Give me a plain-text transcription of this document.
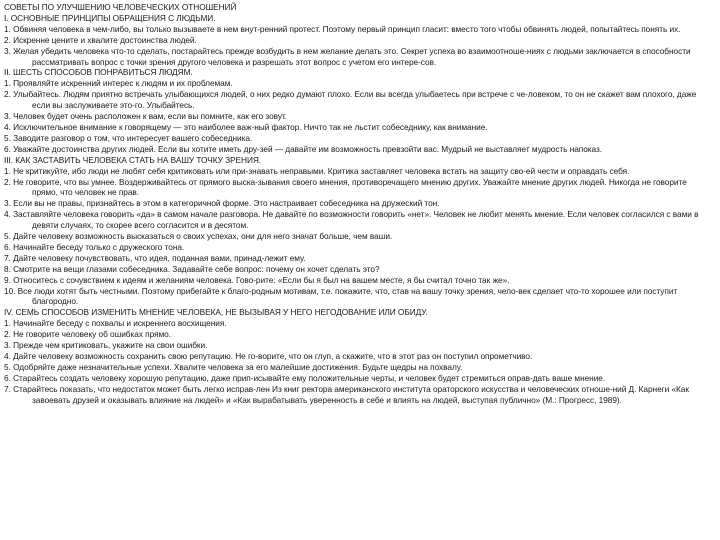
СОВЕТЫ ПО УЛУЧШЕНИЮ ЧЕЛОВЕЧЕСКИХ ОТНОШЕНИЙ

I. ОСНОВНЫЕ ПРИНЦИПЫ ОБРАЩЕНИЯ С ЛЮДЬМИ.

1. Обвиняя человека в чем-либо, вы только вызываете в нем внут-ренний протест. Поэтому первый принцип гласит: вместо того чтобы обвинять людей, попытайтесь понять их.

2. Искренне цените и хвалите достоинства людей.

3. Желая убедить человека что-то сделать, постарайтесь прежде возбудить в нем желание делать это. Секрет успеха во взаимоотноше-ниях с людьми заключается в способности рассматривать вопрос с точки зрения другого человека и разрешать этот вопрос с учетом его интере-сов.

II. ШЕСТЬ СПОСОБОВ ПОНРАВИТЬСЯ ЛЮДЯМ.

1. Проявляйте искренний интерес к людям и их проблемам.

2. Улыбайтесь. Людям приятно встречать улыбающихся людей, о них редко думают плохо. Если вы всегда улыбаетесь при встрече с че-ловеком, то он не скажет вам плохого, даже если вы заслуживаете это-го. Улыбайтесь.

3. Человек будет очень расположен к вам, если вы помните, как его зовут.

4. Исключительное внимание к говорящему — это наиболее важ-ный фактор. Ничто так не льстит собеседнику, как внимание.

5. Заводите разговор о том, что интересует вашего собеседника.

6. Уважайте достоинства других людей. Если вы хотите иметь дру-зей — давайте им возможность превзойти вас. Мудрый не выставляет мудрость напоказ.

III. КАК ЗАСТАВИТЬ ЧЕЛОВЕКА СТАТЬ НА ВАШУ ТОЧКУ ЗРЕНИЯ.

1. Не критикуйте, ибо люди не любят себя критиковать или при-знавать неправыми. Критика заставляет человека встать на защиту сво-ей чести и оправдать себя.

2. Не говорите, что вы умнее. Воздерживайтесь от прямого выска-зывания своего мнения, противоречащего мнению других. Уважайте мнение других людей. Никогда не говорите прямо, что человек не прав.

3. Если вы не правы, признайтесь в этом в категоричной форме. Это настраивает собеседника на дружеский тон.

4. Заставляйте человека говорить «да» в самом начале разговора. Не давайте по возможности говорить «нет». Человек не любит менять мнение. Если человек согласился с вами в девяти случаях, то скорее всего согласится и в десятом.

5. Дайте человеку возможность высказаться о своих успехах, они для него значат больше, чем ваши.

6. Начинайте беседу только с дружеского тона.

7. Дайте человеку почувствовать, что идея, поданная вами, принад-лежит ему.

8. Смотрите на вещи глазами собеседника. Задавайте себе вопрос: почему он хочет сделать это?

9. Относитесь с сочувствием к идеям и желаниям человека. Гово-рите: «Если бы я был на вашем месте, я бы считал точно так же».

10. Все люди хотят быть честными. Поэтому прибегайте к благо-родным мотивам, т.е. покажите, что, став на вашу точку зрения, чело-век сделает что-то хорошее или поступит благородно.

IV. СЕМЬ СПОСОБОВ ИЗМЕНИТЬ МНЕНИЕ ЧЕЛОВЕКА, НЕ ВЫЗЫВАЯ У НЕГО НЕГОДОВАНИЕ ИЛИ ОБИДУ.

1. Начинайте беседу с похвалы и искреннего восхищения.

2. Не говорите человеку об ошибках прямо.

3. Прежде чем критиковать, укажите на свои ошибки.

4. Дайте человеку возможность сохранить свою репутацию. Не го-ворите, что он глуп, а скажите, что в этот раз он поступил опрометчиво.

5. Одобряйте даже незначительные успехи. Хвалите человека за его малейшие достижения. Будьте щедры на похвалу.

6. Старайтесь создать человеку хорошую репутацию, даже прип-исывайте ему положительные черты, и человек будет стремиться оправ-дать ваше мнение.

7. Старайтесь показать, что недостаток может быть легко исправ-лен Из книг ректора американского института ораторского искусства и человеческих отноше-ний Д. Карнеги «Как завоевать друзей и оказывать влияние на людей» и «Как вырабатывать уверенность в себе и влиять на людей, выступая публично» (М.: Прогресс, 1989).
